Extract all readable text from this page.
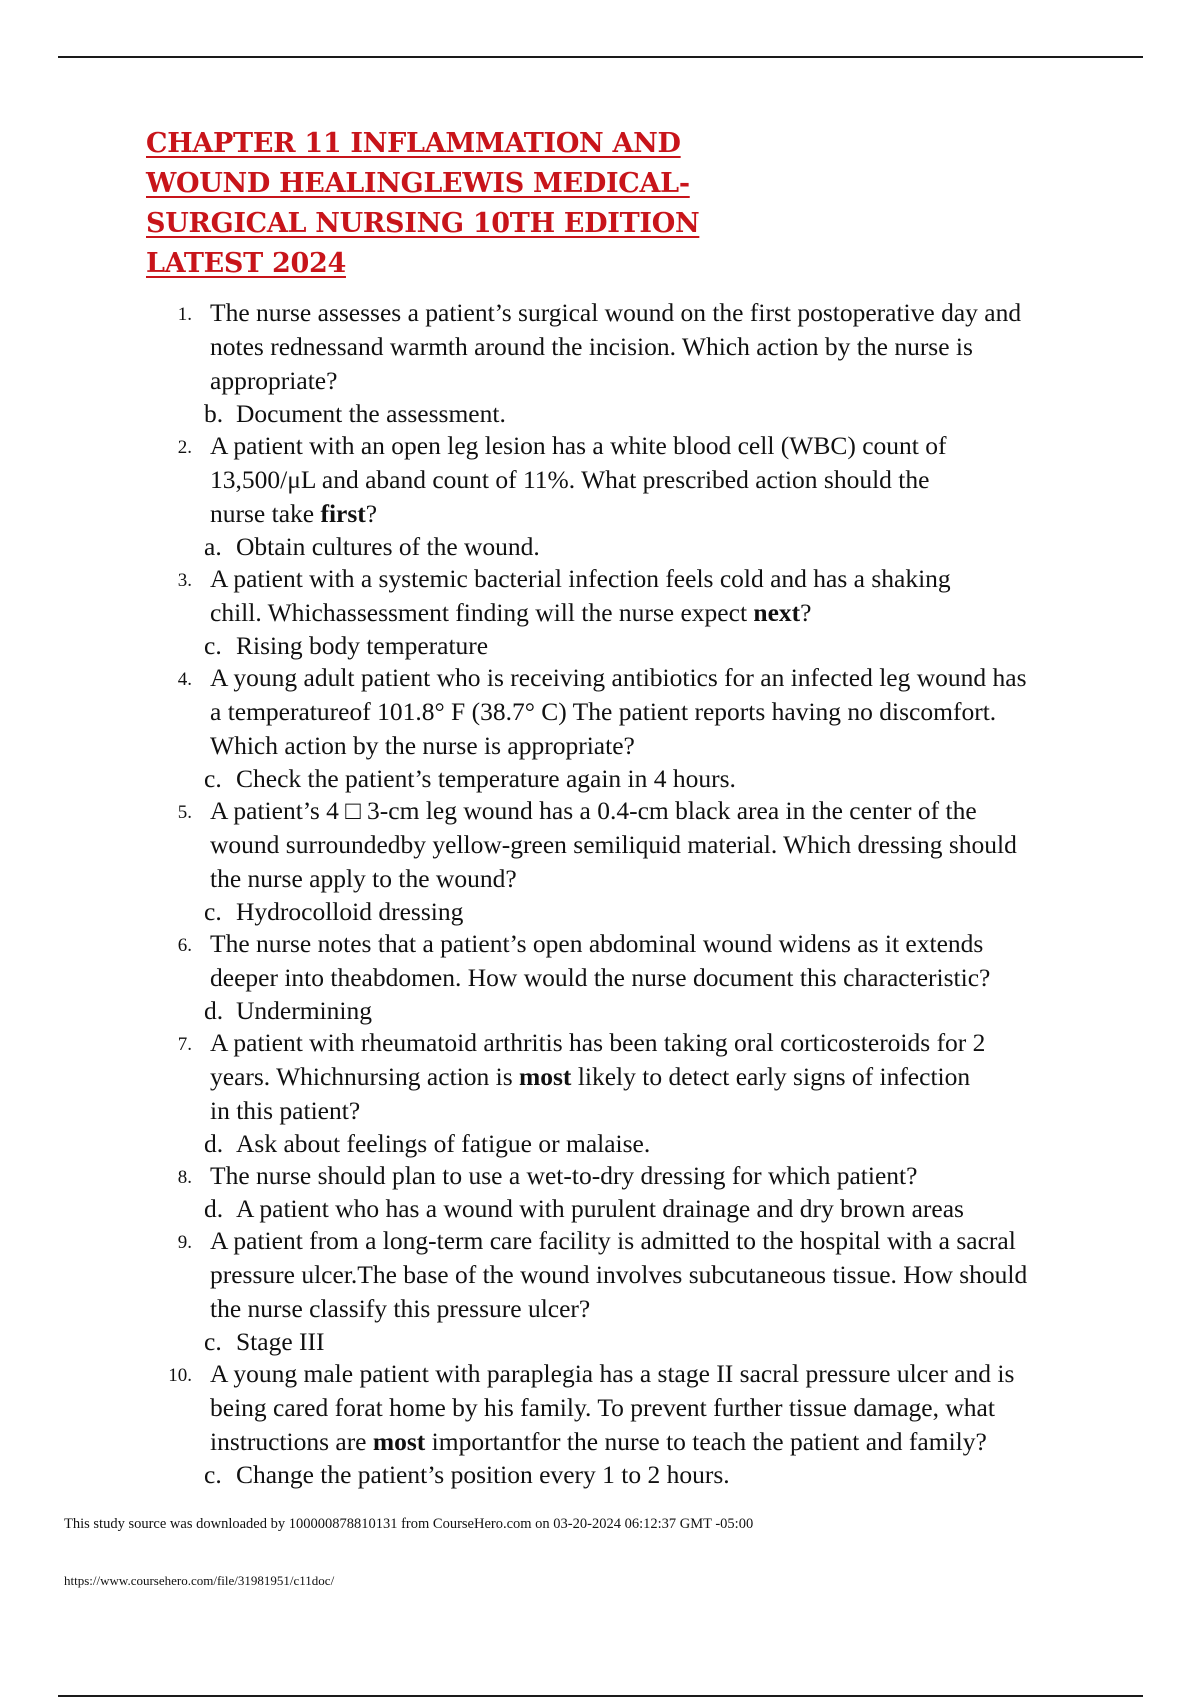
CHAPTER 11 INFLAMMATION AND
WOUND HEALINGLEWIS MEDICAL-
SURGICAL NURSING 10TH EDITION
LATEST 2024
1. The nurse assesses a patient’s surgical wound on the first postoperative day and
notes rednessand warmth around the incision. Which action by the nurse is
appropriate?
b. Document the assessment.
2. A patient with an open leg lesion has a white blood cell (WBC) count of
13,500/μL and aband count of 11%. What prescribed action should the
nurse take first?
a. Obtain cultures of the wound.
3. A patient with a systemic bacterial infection feels cold and has a shaking
chill. Whichassessment finding will the nurse expect next?
c. Rising body temperature
4. A young adult patient who is receiving antibiotics for an infected leg wound has
a temperatureof 101.8° F (38.7° C) The patient reports having no discomfort.
Which action by the nurse is appropriate?
c. Check the patient’s temperature again in 4 hours.
5. A patient’s 4 □ 3-cm leg wound has a 0.4-cm black area in the center of the
wound surroundedby yellow-green semiliquid material. Which dressing should
the nurse apply to the wound?
c. Hydrocolloid dressing
6. The nurse notes that a patient’s open abdominal wound widens as it extends
deeper into theabdomen. How would the nurse document this characteristic?
d. Undermining
7. A patient with rheumatoid arthritis has been taking oral corticosteroids for 2
years. Whichnursing action is most likely to detect early signs of infection
in this patient?
d. Ask about feelings of fatigue or malaise.
8. The nurse should plan to use a wet-to-dry dressing for which patient?
d. A patient who has a wound with purulent drainage and dry brown areas
9. A patient from a long-term care facility is admitted to the hospital with a sacral
pressure ulcer.The base of the wound involves subcutaneous tissue. How should
the nurse classify this pressure ulcer?
c. Stage III
10. A young male patient with paraplegia has a stage II sacral pressure ulcer and is
being cared forat home by his family. To prevent further tissue damage, what
instructions are most importantfor the nurse to teach the patient and family?
c. Change the patient’s position every 1 to 2 hours.
This study source was downloaded by 100000878810131 from CourseHero.com on 03-20-2024 06:12:37 GMT -05:00
https://www.coursehero.com/file/31981951/c11doc/
